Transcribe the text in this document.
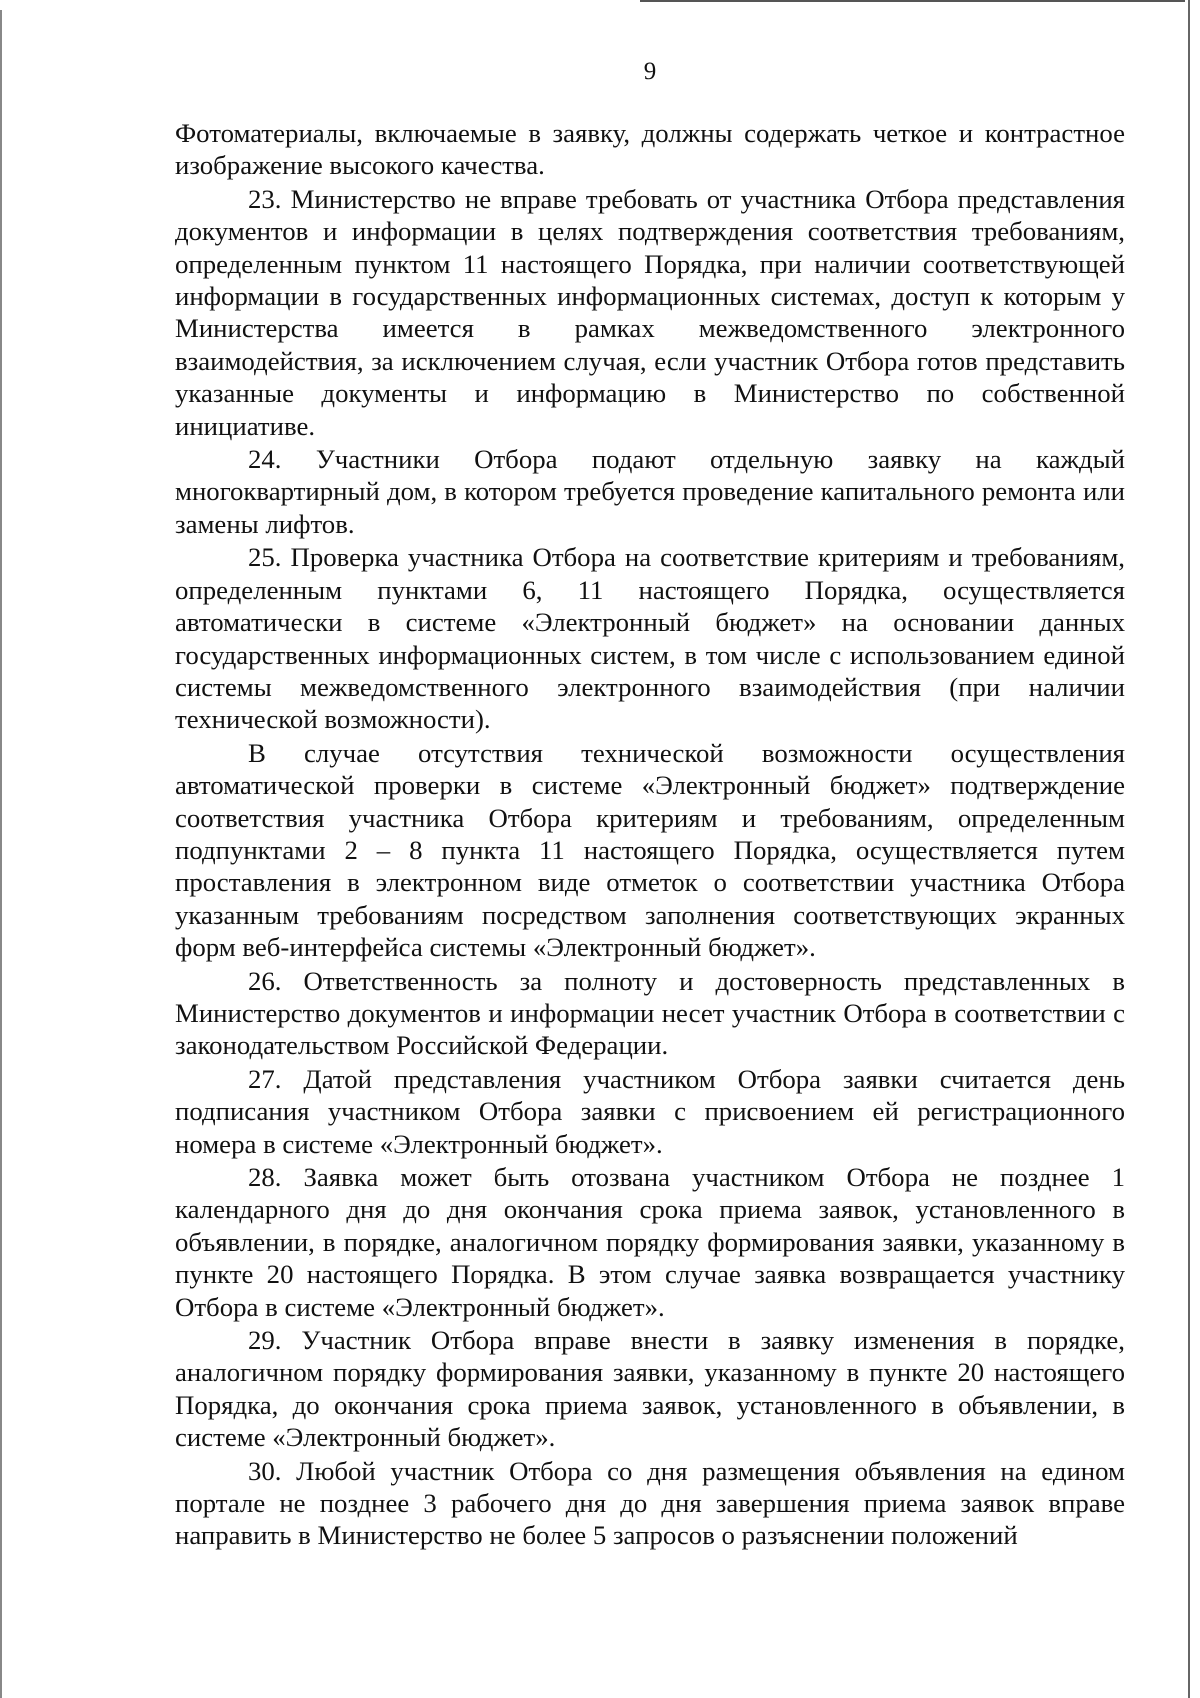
9

Фотоматериалы, включаемые в заявку, должны содержать четкое и контрастное изображение высокого качества.

23. Министерство не вправе требовать от участника Отбора представления документов и информации в целях подтверждения соответствия требованиям, определенным пунктом 11 настоящего Порядка, при наличии соответствующей информации в государственных информационных системах, доступ к которым у Министерства имеется в рамках межведомственного электронного взаимодействия, за исключением случая, если участник Отбора готов представить указанные документы и информацию в Министерство по собственной инициативе.

24. Участники Отбора подают отдельную заявку на каждый многоквартирный дом, в котором требуется проведение капитального ремонта или замены лифтов.

25. Проверка участника Отбора на соответствие критериям и требованиям, определенным пунктами 6, 11 настоящего Порядка, осуществляется автоматически в системе «Электронный бюджет» на основании данных государственных информационных систем, в том числе с использованием единой системы межведомственного электронного взаимодействия (при наличии технической возможности).

В случае отсутствия технической возможности осуществления автоматической проверки в системе «Электронный бюджет» подтверждение соответствия участника Отбора критериям и требованиям, определенным подпунктами 2 – 8 пункта 11 настоящего Порядка, осуществляется путем проставления в электронном виде отметок о соответствии участника Отбора указанным требованиям посредством заполнения соответствующих экранных форм веб-интерфейса системы «Электронный бюджет».

26. Ответственность за полноту и достоверность представленных в Министерство документов и информации несет участник Отбора в соответствии с законодательством Российской Федерации.

27. Датой представления участником Отбора заявки считается день подписания участником Отбора заявки с присвоением ей регистрационного номера в системе «Электронный бюджет».

28. Заявка может быть отозвана участником Отбора не позднее 1 календарного дня до дня окончания срока приема заявок, установленного в объявлении, в порядке, аналогичном порядку формирования заявки, указанному в пункте 20 настоящего Порядка. В этом случае заявка возвращается участнику Отбора в системе «Электронный бюджет».

29. Участник Отбора вправе внести в заявку изменения в порядке, аналогичном порядку формирования заявки, указанному в пункте 20 настоящего Порядка, до окончания срока приема заявок, установленного в объявлении, в системе «Электронный бюджет».

30. Любой участник Отбора со дня размещения объявления на едином портале не позднее 3 рабочего дня до дня завершения приема заявок вправе направить в Министерство не более 5 запросов о разъяснении положений
